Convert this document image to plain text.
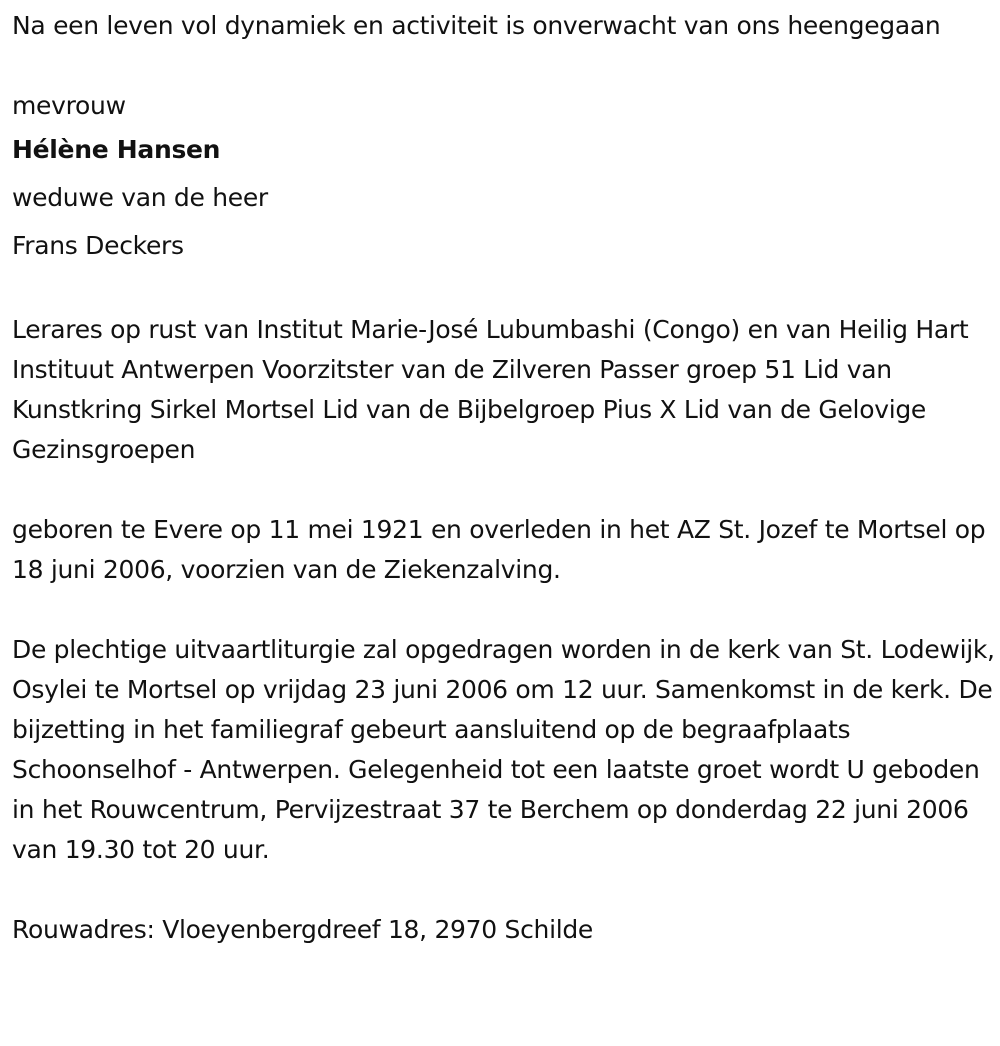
Na een leven vol dynamiek en activiteit is onverwacht van ons heengegaan

mevrouw

Hélène Hansen

weduwe van de heer

Frans Deckers

Lerares op rust van Institut Marie-José Lubumbashi (Congo) en van Heilig Hart Instituut Antwerpen Voorzitster van de Zilveren Passer groep 51 Lid van Kunstkring Sirkel Mortsel Lid van de Bijbelgroep Pius X Lid van de Gelovige Gezinsgroepen

geboren te Evere op 11 mei 1921 en overleden in het AZ St. Jozef te Mortsel op 18 juni 2006, voorzien van de Ziekenzalving.

De plechtige uitvaartliturgie zal opgedragen worden in de kerk van St. Lodewijk, Osylei te Mortsel op vrijdag 23 juni 2006 om 12 uur. Samenkomst in de kerk. De bijzetting in het familiegraf gebeurt aansluitend op de begraafplaats Schoonselhof - Antwerpen. Gelegenheid tot een laatste groet wordt U geboden in het Rouwcentrum, Pervijzestraat 37 te Berchem op donderdag 22 juni 2006 van 19.30 tot 20 uur.

Rouwadres: Vloeyenbergdreef 18, 2970 Schilde
